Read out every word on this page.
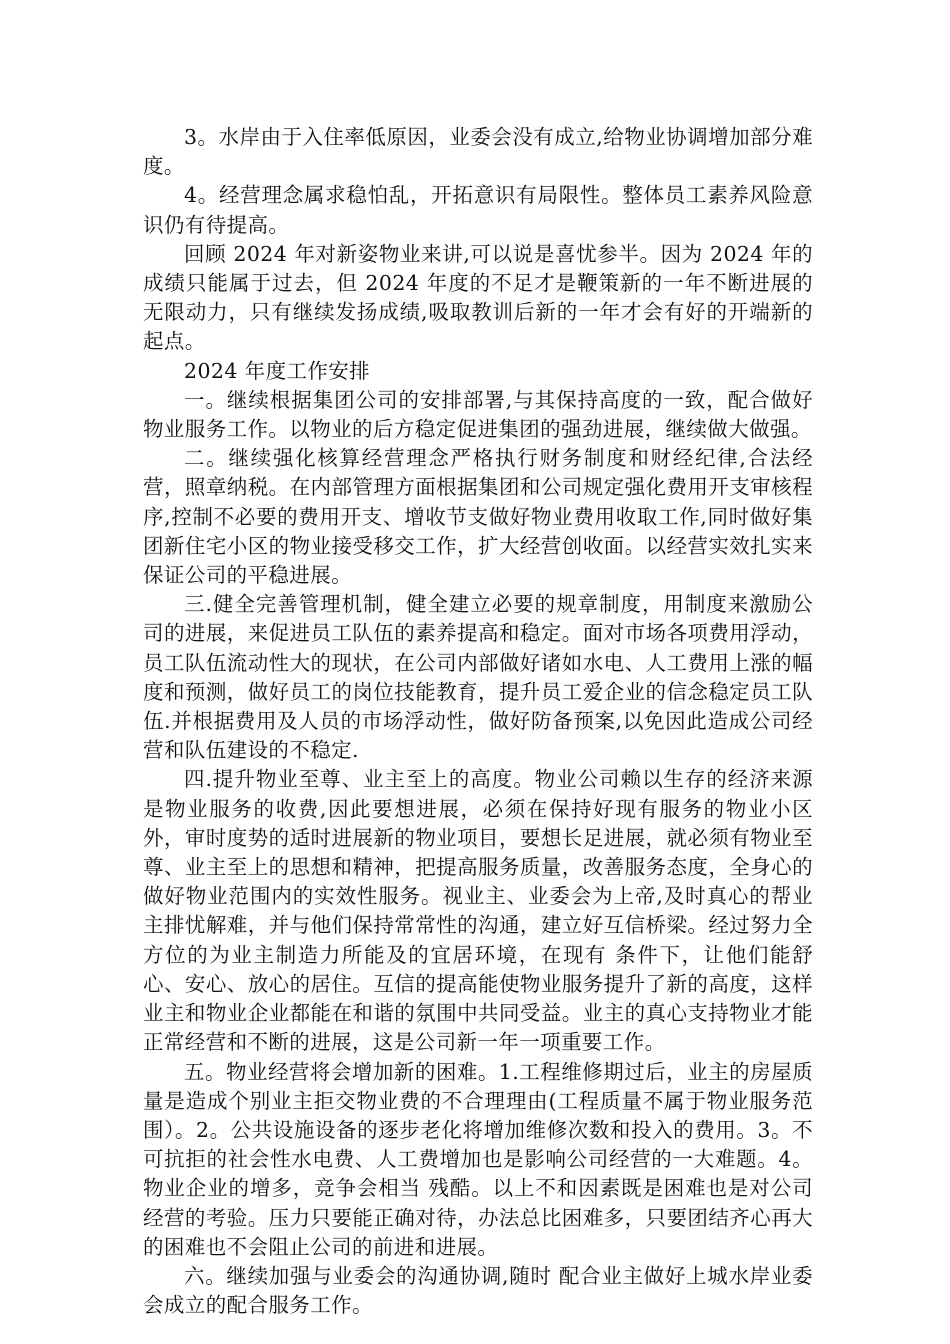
3。水岸由于入住率低原因，业委会没有成立,给物业协调增加部分难度。

4。经营理念属求稳怕乱，开拓意识有局限性。整体员工素养风险意识仍有待提高。

回顾 2024 年对新姿物业来讲,可以说是喜忧参半。因为 2024 年的成绩只能属于过去，但 2024 年度的不足才是鞭策新的一年不断进展的无限动力，只有继续发扬成绩,吸取教训后新的一年才会有好的开端新的起点。

2024 年度工作安排

一。继续根据集团公司的安排部署,与其保持高度的一致，配合做好物业服务工作。以物业的后方稳定促进集团的强劲进展，继续做大做强。

二。继续强化核算经营理念严格执行财务制度和财经纪律,合法经营，照章纳税。在内部管理方面根据集团和公司规定强化费用开支审核程序,控制不必要的费用开支、增收节支做好物业费用收取工作,同时做好集团新住宅小区的物业接受移交工作，扩大经营创收面。以经营实效扎实来保证公司的平稳进展。

三.健全完善管理机制，健全建立必要的规章制度，用制度来激励公司的进展，来促进员工队伍的素养提高和稳定。面对市场各项费用浮动，员工队伍流动性大的现状，在公司内部做好诸如水电、人工费用上涨的幅度和预测，做好员工的岗位技能教育，提升员工爱企业的信念稳定员工队伍.并根据费用及人员的市场浮动性，做好防备预案,以免因此造成公司经营和队伍建设的不稳定.

四.提升物业至尊、业主至上的高度。物业公司赖以生存的经济来源是物业服务的收费,因此要想进展，必须在保持好现有服务的物业小区外，审时度势的适时进展新的物业项目，要想长足进展，就必须有物业至尊、业主至上的思想和精神，把提高服务质量，改善服务态度，全身心的做好物业范围内的实效性服务。视业主、业委会为上帝,及时真心的帮业主排忧解难，并与他们保持常常性的沟通，建立好互信桥梁。经过努力全方位的为业主制造力所能及的宜居环境，在现有 条件下，让他们能舒心、安心、放心的居住。互信的提高能使物业服务提升了新的高度，这样业主和物业企业都能在和谐的氛围中共同受益。业主的真心支持物业才能正常经营和不断的进展，这是公司新一年一项重要工作。

五。物业经营将会增加新的困难。1.工程维修期过后，业主的房屋质量是造成个别业主拒交物业费的不合理理由(工程质量不属于物业服务范围）。2。公共设施设备的逐步老化将增加维修次数和投入的费用。3。不可抗拒的社会性水电费、人工费增加也是影响公司经营的一大难题。4。物业企业的增多，竞争会相当 残酷。以上不和因素既是困难也是对公司经营的考验。压力只要能正确对待，办法总比困难多，只要团结齐心再大的困难也不会阻止公司的前进和进展。

六。继续加强与业委会的沟通协调,随时 配合业主做好上城水岸业委会成立的配合服务工作。
